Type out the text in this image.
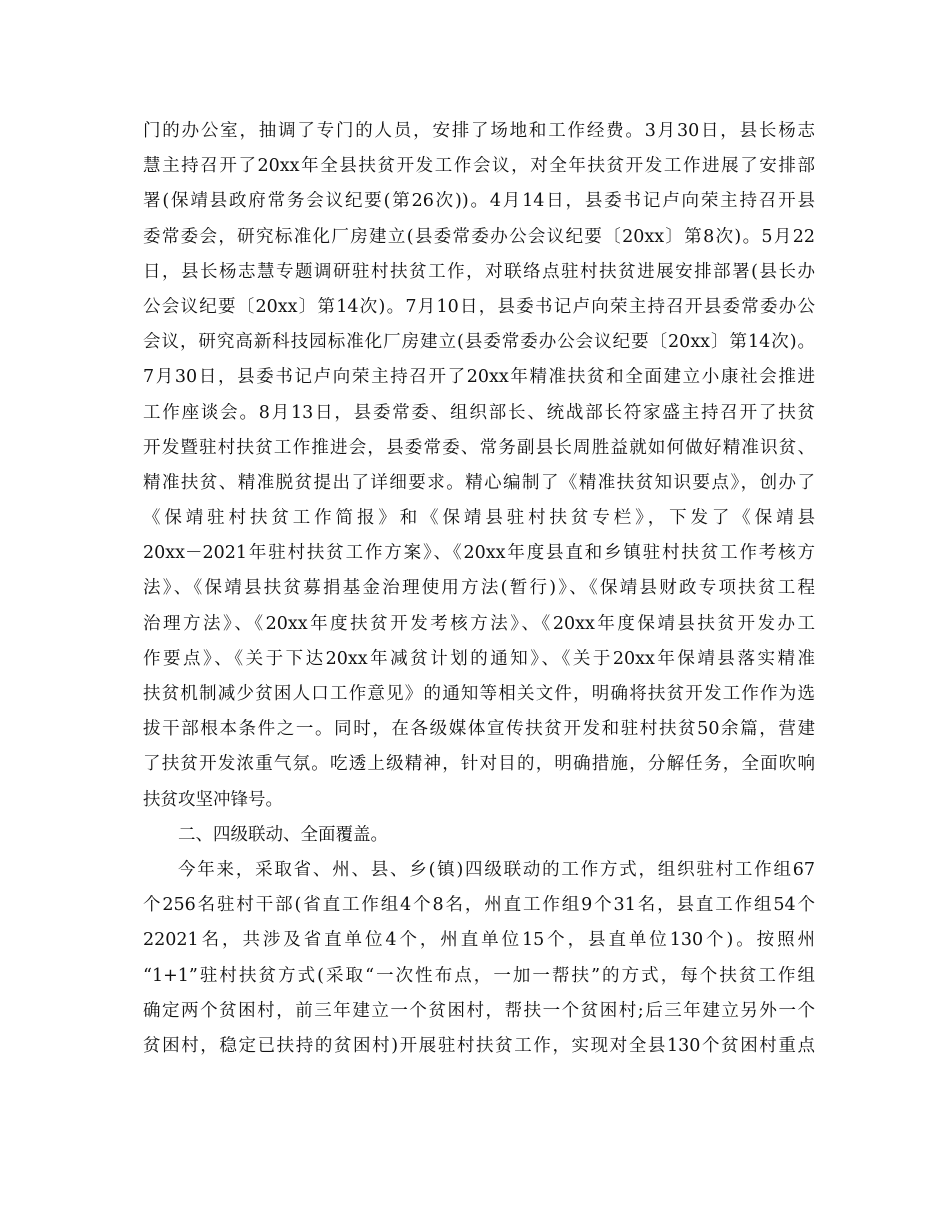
门的办公室，抽调了专门的人员，安排了场地和工作经费。3月30日，县长杨志
慧主持召开了20xx年全县扶贫开发工作会议，对全年扶贫开发工作进展了安排部
署(保靖县政府常务会议纪要(第26次))。4月14日，县委书记卢向荣主持召开县
委常委会，研究标准化厂房建立(县委常委办公会议纪要〔20xx〕第8次)。5月22
日，县长杨志慧专题调研驻村扶贫工作，对联络点驻村扶贫进展安排部署(县长办
公会议纪要〔20xx〕第14次)。7月10日，县委书记卢向荣主持召开县委常委办公
会议，研究高新科技园标准化厂房建立(县委常委办公会议纪要〔20xx〕第14次)。
7月30日，县委书记卢向荣主持召开了20xx年精准扶贫和全面建立小康社会推进
工作座谈会。8月13日，县委常委、组织部长、统战部长符家盛主持召开了扶贫
开发暨驻村扶贫工作推进会，县委常委、常务副县长周胜益就如何做好精准识贫、
精准扶贫、精准脱贫提出了详细要求。精心编制了《精准扶贫知识要点》，创办了
《保靖驻村扶贫工作简报》和《保靖县驻村扶贫专栏》，下发了《保靖县
20xx－2021年驻村扶贫工作方案》、《20xx年度县直和乡镇驻村扶贫工作考核方
法》、《保靖县扶贫募捐基金治理使用方法(暂行)》、《保靖县财政专项扶贫工程
治理方法》、《20xx年度扶贫开发考核方法》、《20xx年度保靖县扶贫开发办工
作要点》、《关于下达20xx年减贫计划的通知》、《关于20xx年保靖县落实精准
扶贫机制减少贫困人口工作意见》的通知等相关文件，明确将扶贫开发工作作为选
拔干部根本条件之一。同时，在各级媒体宣传扶贫开发和驻村扶贫50余篇，营建
了扶贫开发浓重气氛。吃透上级精神，针对目的，明确措施，分解任务，全面吹响
扶贫攻坚冲锋号。
二、四级联动、全面覆盖。
今年来，采取省、州、县、乡(镇)四级联动的工作方式，组织驻村工作组67
个256名驻村干部(省直工作组4个8名，州直工作组9个31名，县直工作组54个
22021名，共涉及省直单位4个，州直单位15个，县直单位130个)。按照州
“1+1”驻村扶贫方式(采取“一次性布点，一加一帮扶”的方式，每个扶贫工作组
确定两个贫困村，前三年建立一个贫困村，帮扶一个贫困村;后三年建立另外一个
贫困村，稳定已扶持的贫困村)开展驻村扶贫工作，实现对全县130个贫困村重点
